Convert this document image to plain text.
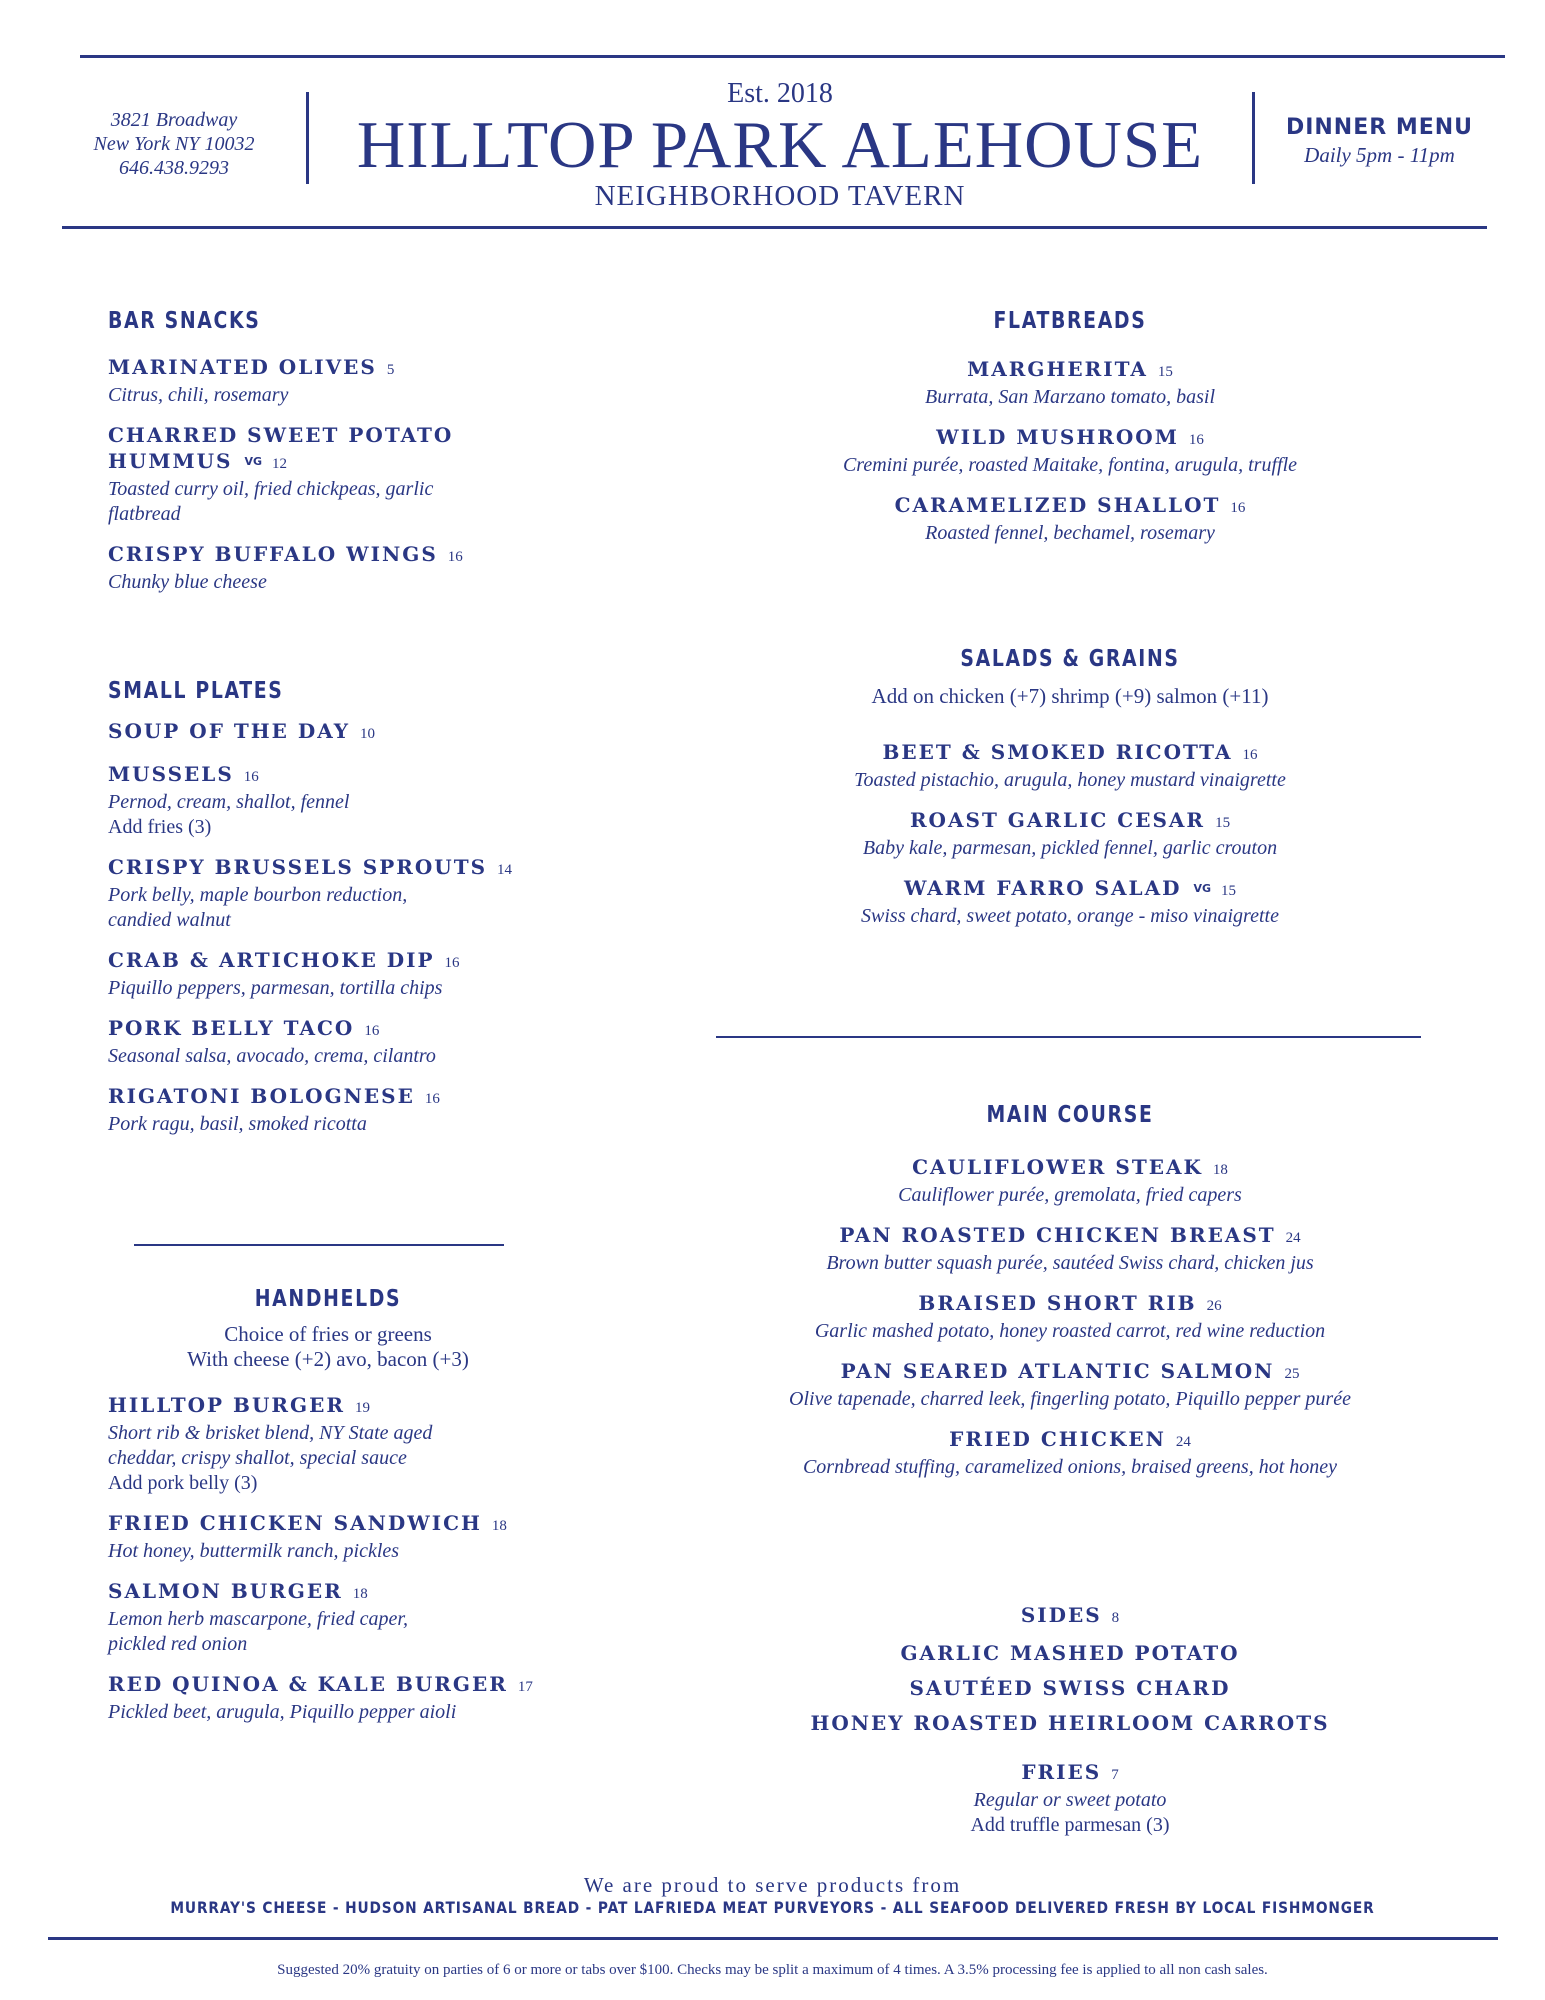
3821 Broadway
New York NY 10032
646.438.9293
Est. 2018
HILLTOP PARK ALEHOUSE
NEIGHBORHOOD TAVERN
DINNER MENU
Daily 5pm - 11pm
BAR SNACKS
MARINATED OLIVES 5
Citrus, chili, rosemary
CHARRED SWEET POTATO
HUMMUS VG 12
Toasted curry oil, fried chickpeas, garlic
flatbread
CRISPY BUFFALO WINGS 16
Chunky blue cheese
SMALL PLATES
SOUP OF THE DAY 10
MUSSELS 16
Pernod, cream, shallot, fennel
Add fries (3)
CRISPY BRUSSELS SPROUTS 14
Pork belly, maple bourbon reduction,
candied walnut
CRAB & ARTICHOKE DIP 16
Piquillo peppers, parmesan, tortilla chips
PORK BELLY TACO 16
Seasonal salsa, avocado, crema, cilantro
RIGATONI BOLOGNESE 16
Pork ragu, basil, smoked ricotta
HANDHELDS
Choice of fries or greens
With cheese (+2) avo, bacon (+3)
HILLTOP BURGER 19
Short rib & brisket blend, NY State aged
cheddar, crispy shallot, special sauce
Add pork belly (3)
FRIED CHICKEN SANDWICH 18
Hot honey, buttermilk ranch, pickles
SALMON BURGER 18
Lemon herb mascarpone, fried caper,
pickled red onion
RED QUINOA & KALE BURGER 17
Pickled beet, arugula, Piquillo pepper aioli
FLATBREADS
MARGHERITA 15
Burrata, San Marzano tomato, basil
WILD MUSHROOM 16
Cremini purée, roasted Maitake, fontina, arugula, truffle
CARAMELIZED SHALLOT 16
Roasted fennel, bechamel, rosemary
SALADS & GRAINS
Add on chicken (+7) shrimp (+9) salmon (+11)
BEET & SMOKED RICOTTA 16
Toasted pistachio, arugula, honey mustard vinaigrette
ROAST GARLIC CESAR 15
Baby kale, parmesan, pickled fennel, garlic crouton
WARM FARRO SALAD VG 15
Swiss chard, sweet potato, orange - miso vinaigrette
MAIN COURSE
CAULIFLOWER STEAK 18
Cauliflower purée, gremolata, fried capers
PAN ROASTED CHICKEN BREAST 24
Brown butter squash purée, sautéed Swiss chard, chicken jus
BRAISED SHORT RIB 26
Garlic mashed potato, honey roasted carrot, red wine reduction
PAN SEARED ATLANTIC SALMON 25
Olive tapenade, charred leek, fingerling potato, Piquillo pepper purée
FRIED CHICKEN 24
Cornbread stuffing, caramelized onions, braised greens, hot honey
SIDES 8
GARLIC MASHED POTATO
SAUTÉED SWISS CHARD
HONEY ROASTED HEIRLOOM CARROTS
FRIES 7
Regular or sweet potato
Add truffle parmesan (3)
We are proud to serve products from
MURRAY'S CHEESE - HUDSON ARTISANAL BREAD - PAT LAFRIEDA MEAT PURVEYORS - ALL SEAFOOD DELIVERED FRESH BY LOCAL FISHMONGER
Suggested 20% gratuity on parties of 6 or more or tabs over $100. Checks may be split a maximum of 4 times. A 3.5% processing fee is applied to all non cash sales.
